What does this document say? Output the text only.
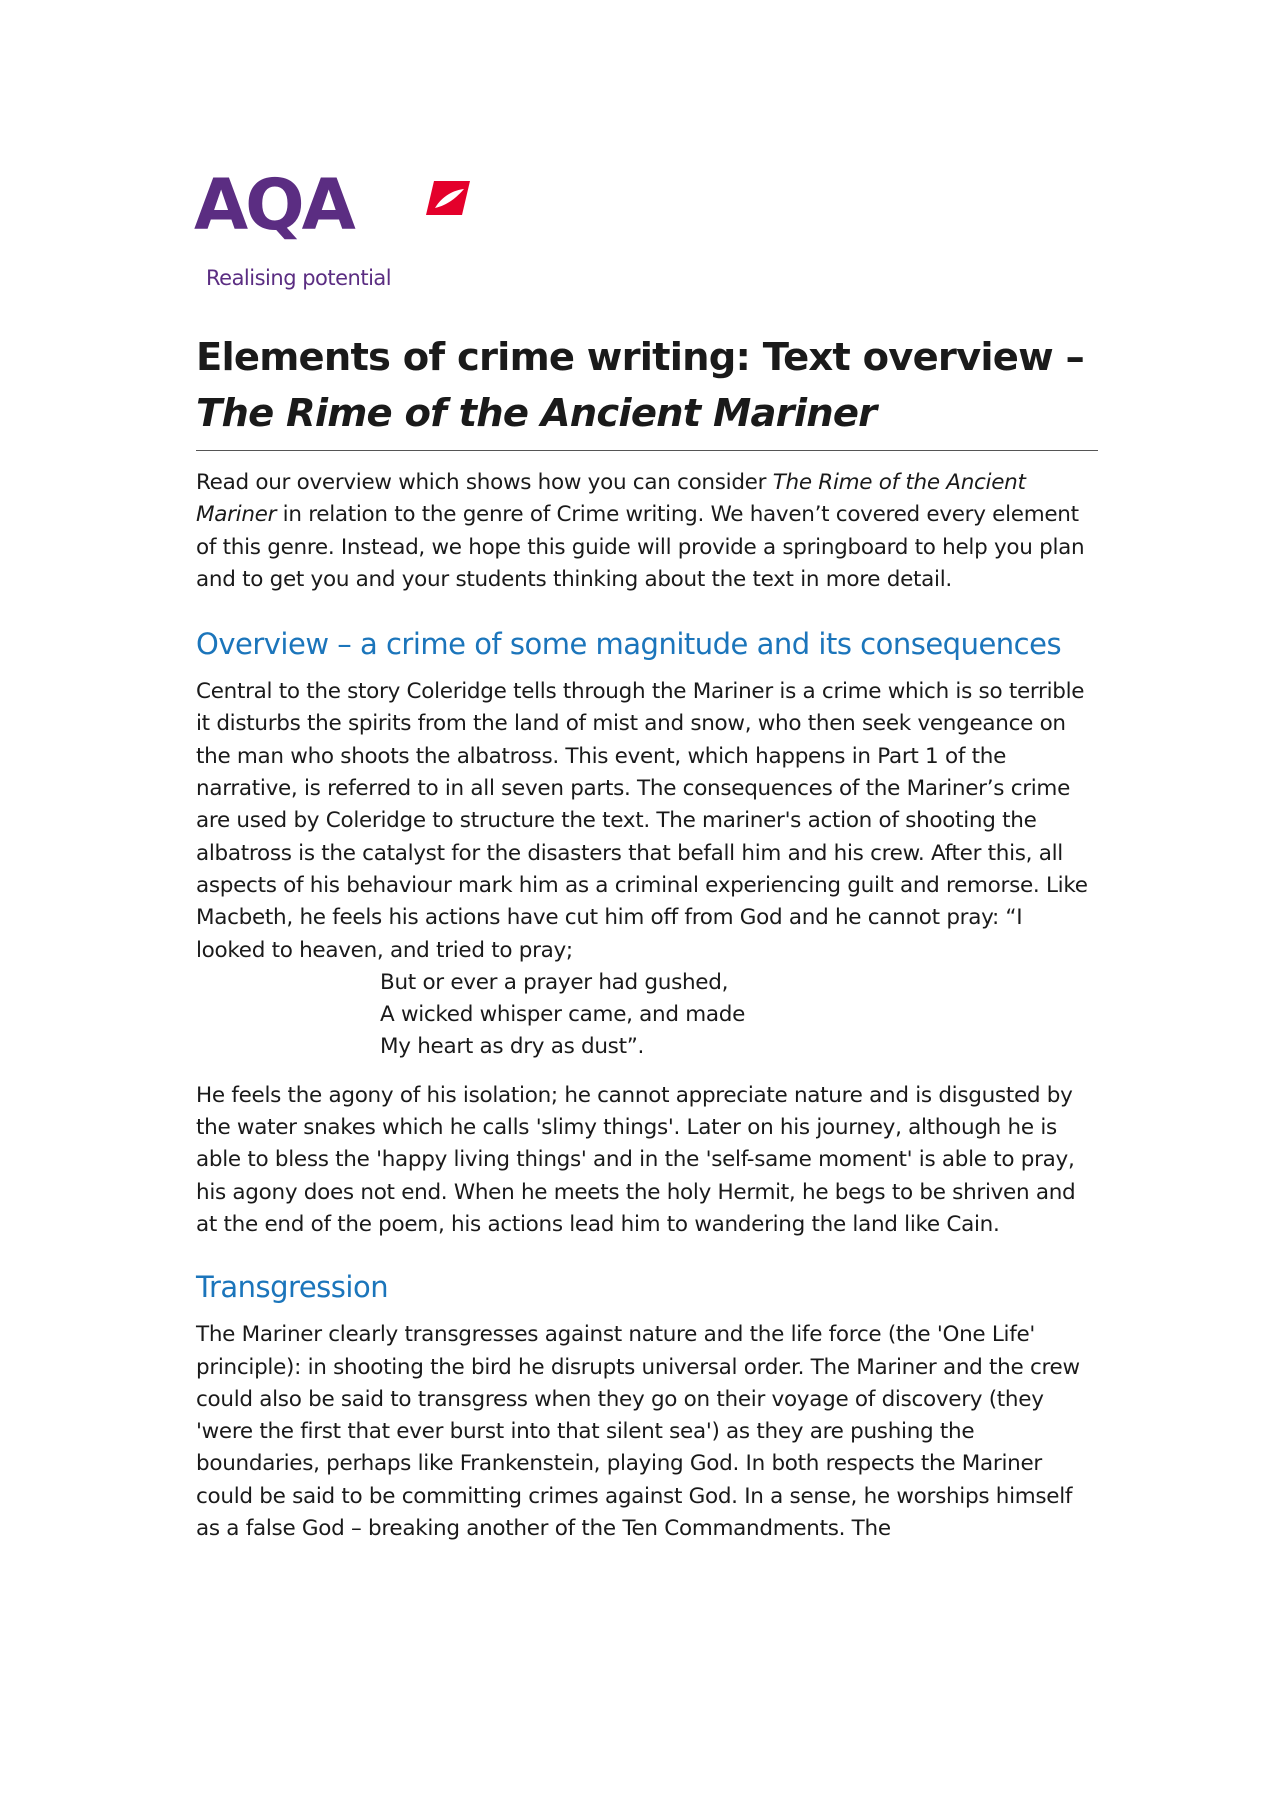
AQA
Realising potential
Elements of crime writing: Text overview –
The Rime of the Ancient Mariner

Read our overview which shows how you can consider The Rime of the Ancient Mariner in relation to the genre of Crime writing. We haven’t covered every element of this genre. Instead, we hope this guide will provide a springboard to help you plan and to get you and your students thinking about the text in more detail.

Overview – a crime of some magnitude and its consequences

Central to the story Coleridge tells through the Mariner is a crime which is so terrible it disturbs the spirits from the land of mist and snow, who then seek vengeance on the man who shoots the albatross. This event, which happens in Part 1 of the narrative, is referred to in all seven parts. The consequences of the Mariner’s crime are used by Coleridge to structure the text. The mariner's action of shooting the albatross is the catalyst for the disasters that befall him and his crew. After this, all aspects of his behaviour mark him as a criminal experiencing guilt and remorse. Like Macbeth, he feels his actions have cut him off from God and he cannot pray: “I looked to heaven, and tried to pray;

But or ever a prayer had gushed,
A wicked whisper came, and made
My heart as dry as dust”.

He feels the agony of his isolation; he cannot appreciate nature and is disgusted by the water snakes which he calls 'slimy things'. Later on his journey, although he is able to bless the 'happy living things' and in the 'self-same moment' is able to pray, his agony does not end. When he meets the holy Hermit, he begs to be shriven and at the end of the poem, his actions lead him to wandering the land like Cain.

Transgression

The Mariner clearly transgresses against nature and the life force (the 'One Life' principle): in shooting the bird he disrupts universal order. The Mariner and the crew could also be said to transgress when they go on their voyage of discovery (they 'were the first that ever burst into that silent sea') as they are pushing the boundaries, perhaps like Frankenstein, playing God. In both respects the Mariner could be said to be committing crimes against God. In a sense, he worships himself as a false God – breaking another of the Ten Commandments. The
